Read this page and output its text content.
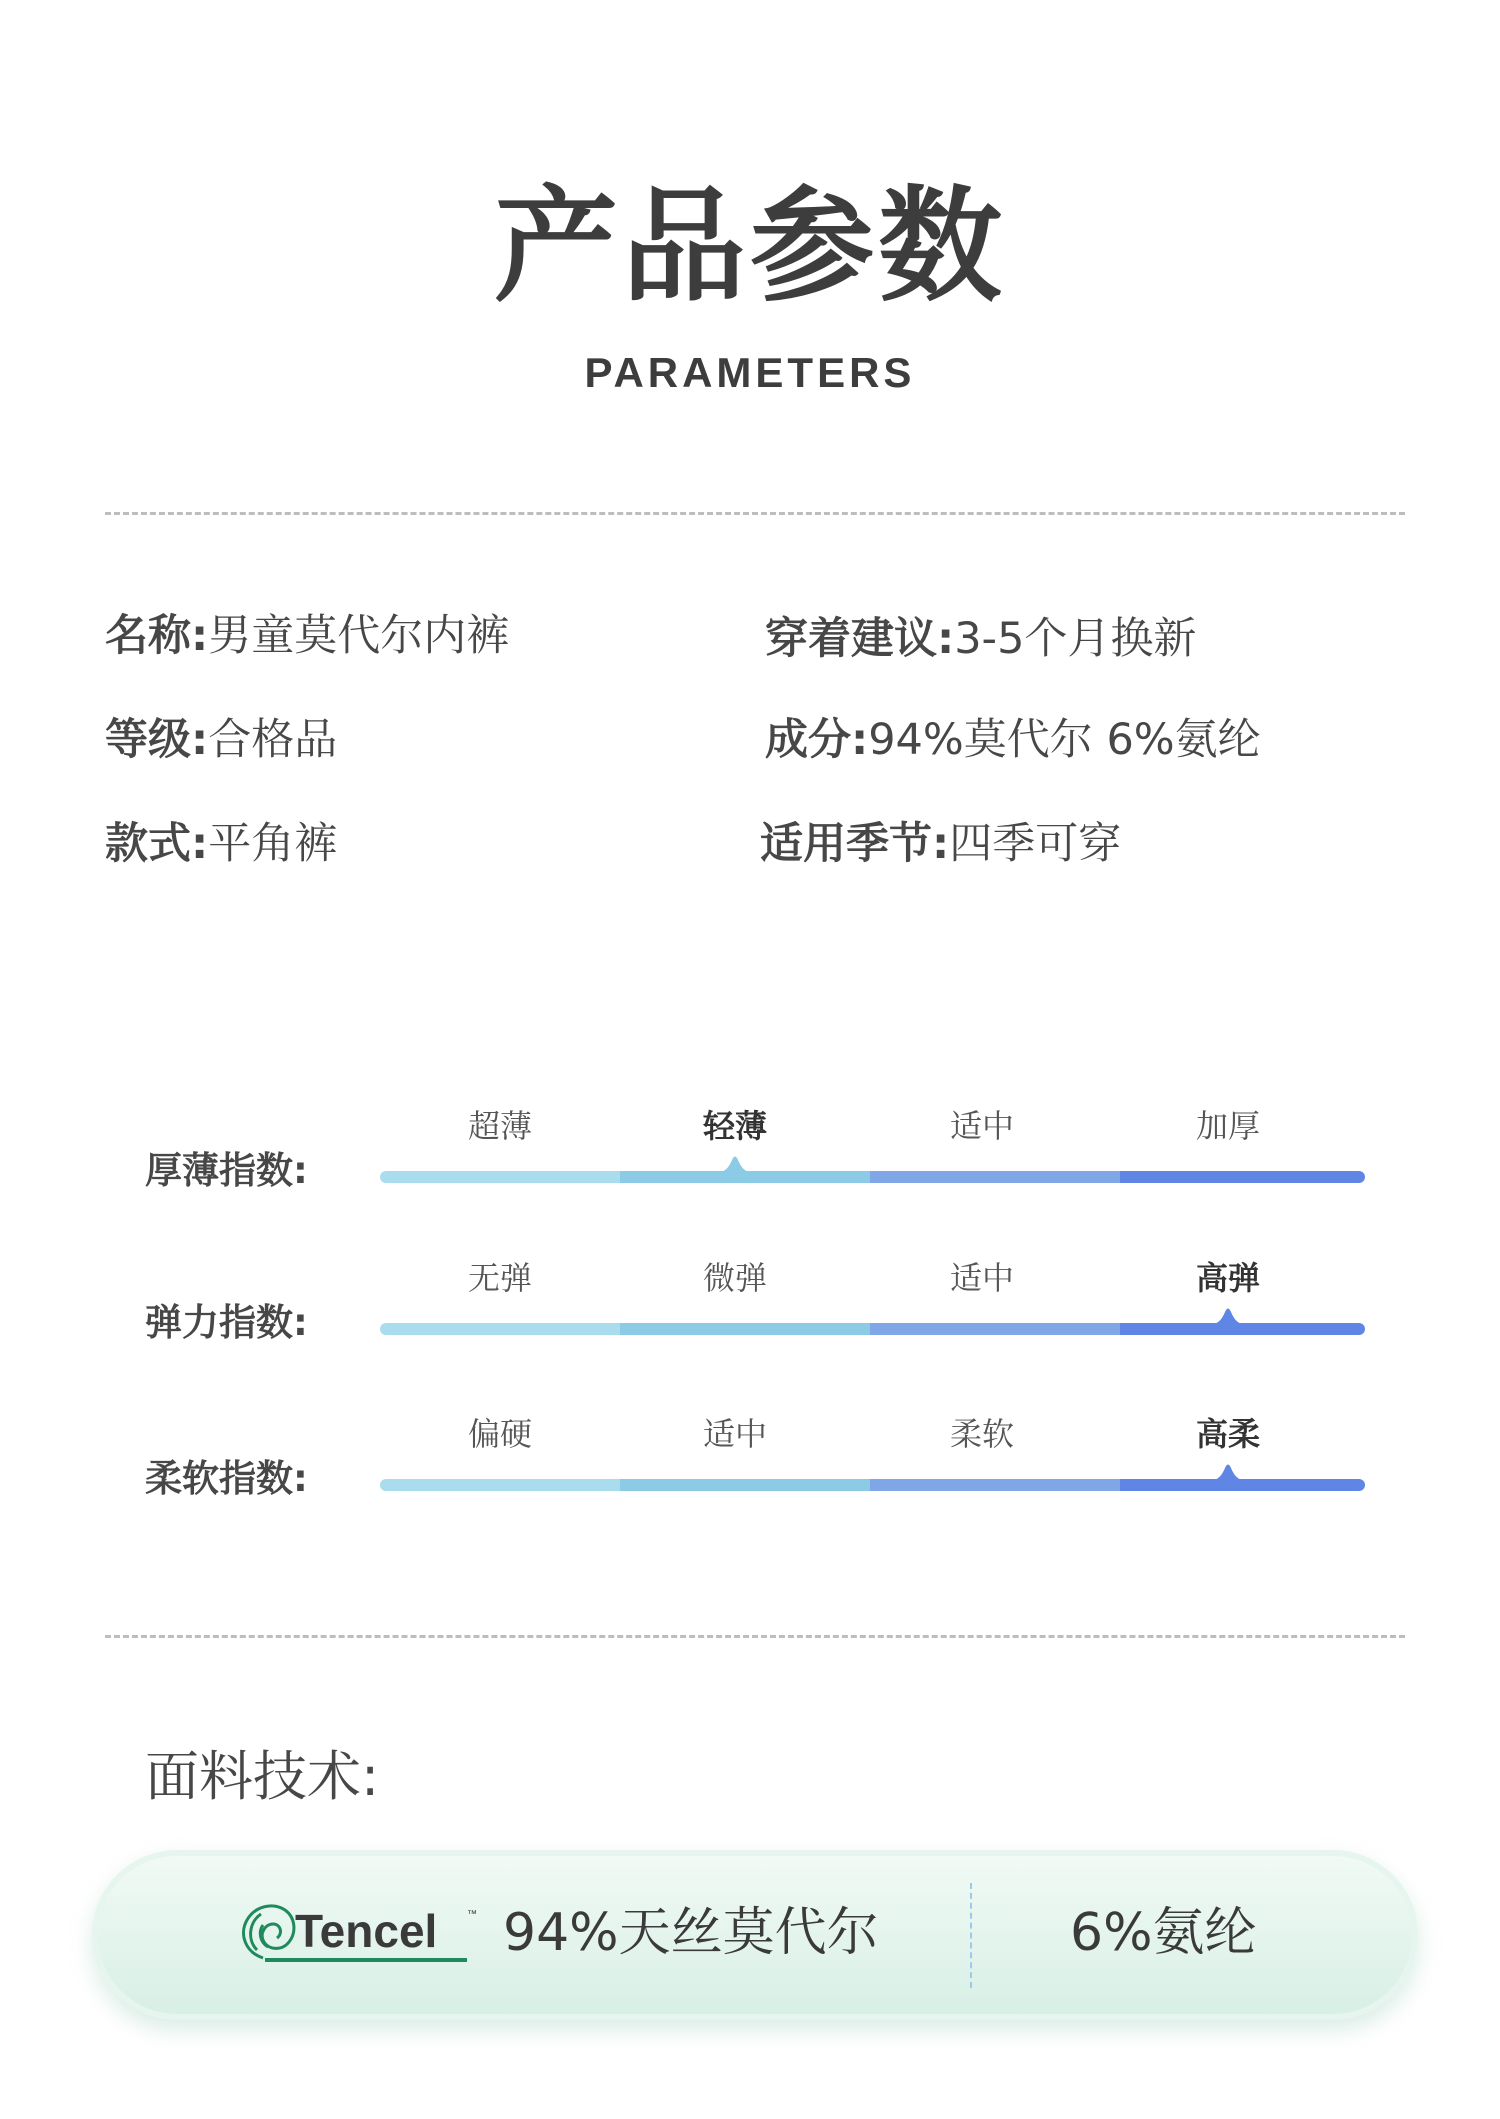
产品参数
PARAMETERS
名称:男童莫代尔内裤	穿着建议:3-5个月换新
等级:合格品	成分:94%莫代尔 6%氨纶
款式:平角裤	适用季节:四季可穿
厚薄指数:
超薄	轻薄	适中	加厚
弹力指数:
无弹	微弹	适中	高弹
柔软指数:
偏硬	适中	柔软	高柔
面料技术:
Tencel	™ 94%天丝莫代尔	6%氨纶
